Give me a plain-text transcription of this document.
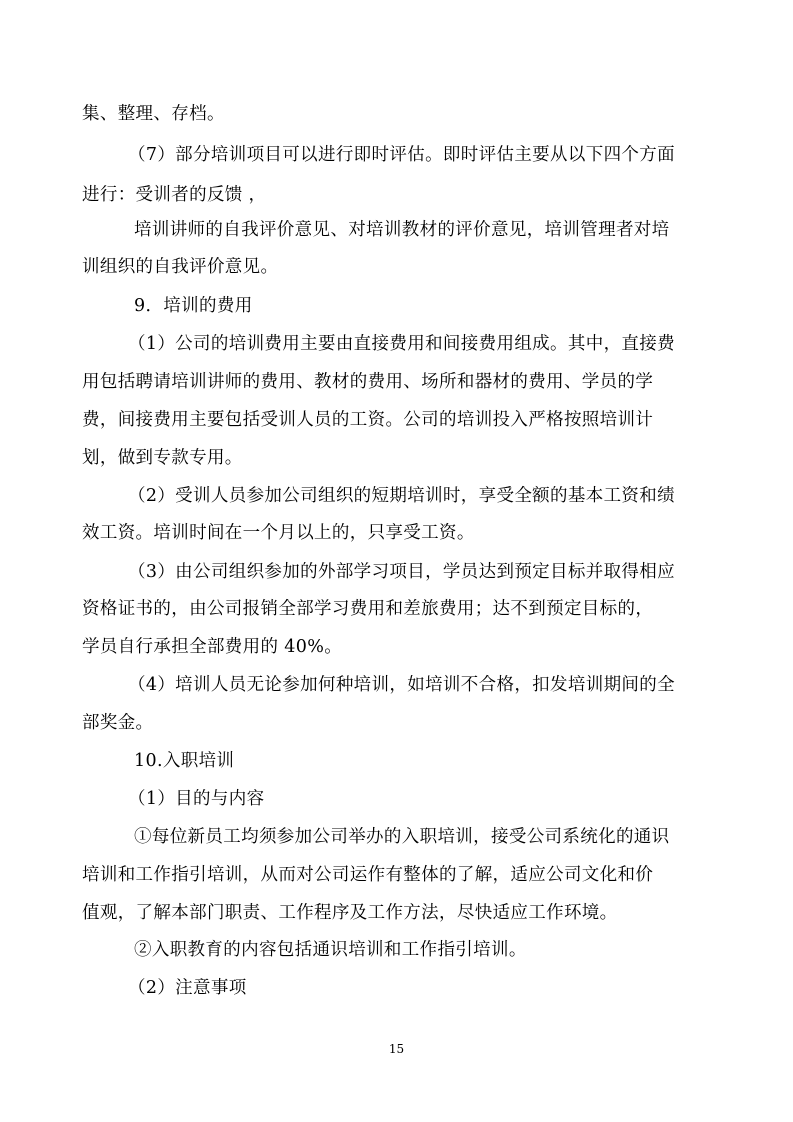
集、整理、存档。
（7）部分培训项目可以进行即时评估。即时评估主要从以下四个方面
进行：受训者的反馈 ，
培训讲师的自我评价意见、对培训教材的评价意见，培训管理者对培
训组织的自我评价意见。
9．培训的费用
（1）公司的培训费用主要由直接费用和间接费用组成。其中，直接费
用包括聘请培训讲师的费用、教材的费用、场所和器材的费用、学员的学
费，间接费用主要包括受训人员的工资。公司的培训投入严格按照培训计
划，做到专款专用。
（2）受训人员参加公司组织的短期培训时，享受全额的基本工资和绩
效工资。培训时间在一个月以上的，只享受工资。
（3）由公司组织参加的外部学习项目，学员达到预定目标并取得相应
资格证书的，由公司报销全部学习费用和差旅费用；达不到预定目标的，
学员自行承担全部费用的 40%。
（4）培训人员无论参加何种培训，如培训不合格，扣发培训期间的全
部奖金。
10.入职培训
（1）目的与内容
①每位新员工均须参加公司举办的入职培训，接受公司系统化的通识
培训和工作指引培训，从而对公司运作有整体的了解，适应公司文化和价
值观，了解本部门职责、工作程序及工作方法，尽快适应工作环境。
②入职教育的内容包括通识培训和工作指引培训。
（2）注意事项
15
